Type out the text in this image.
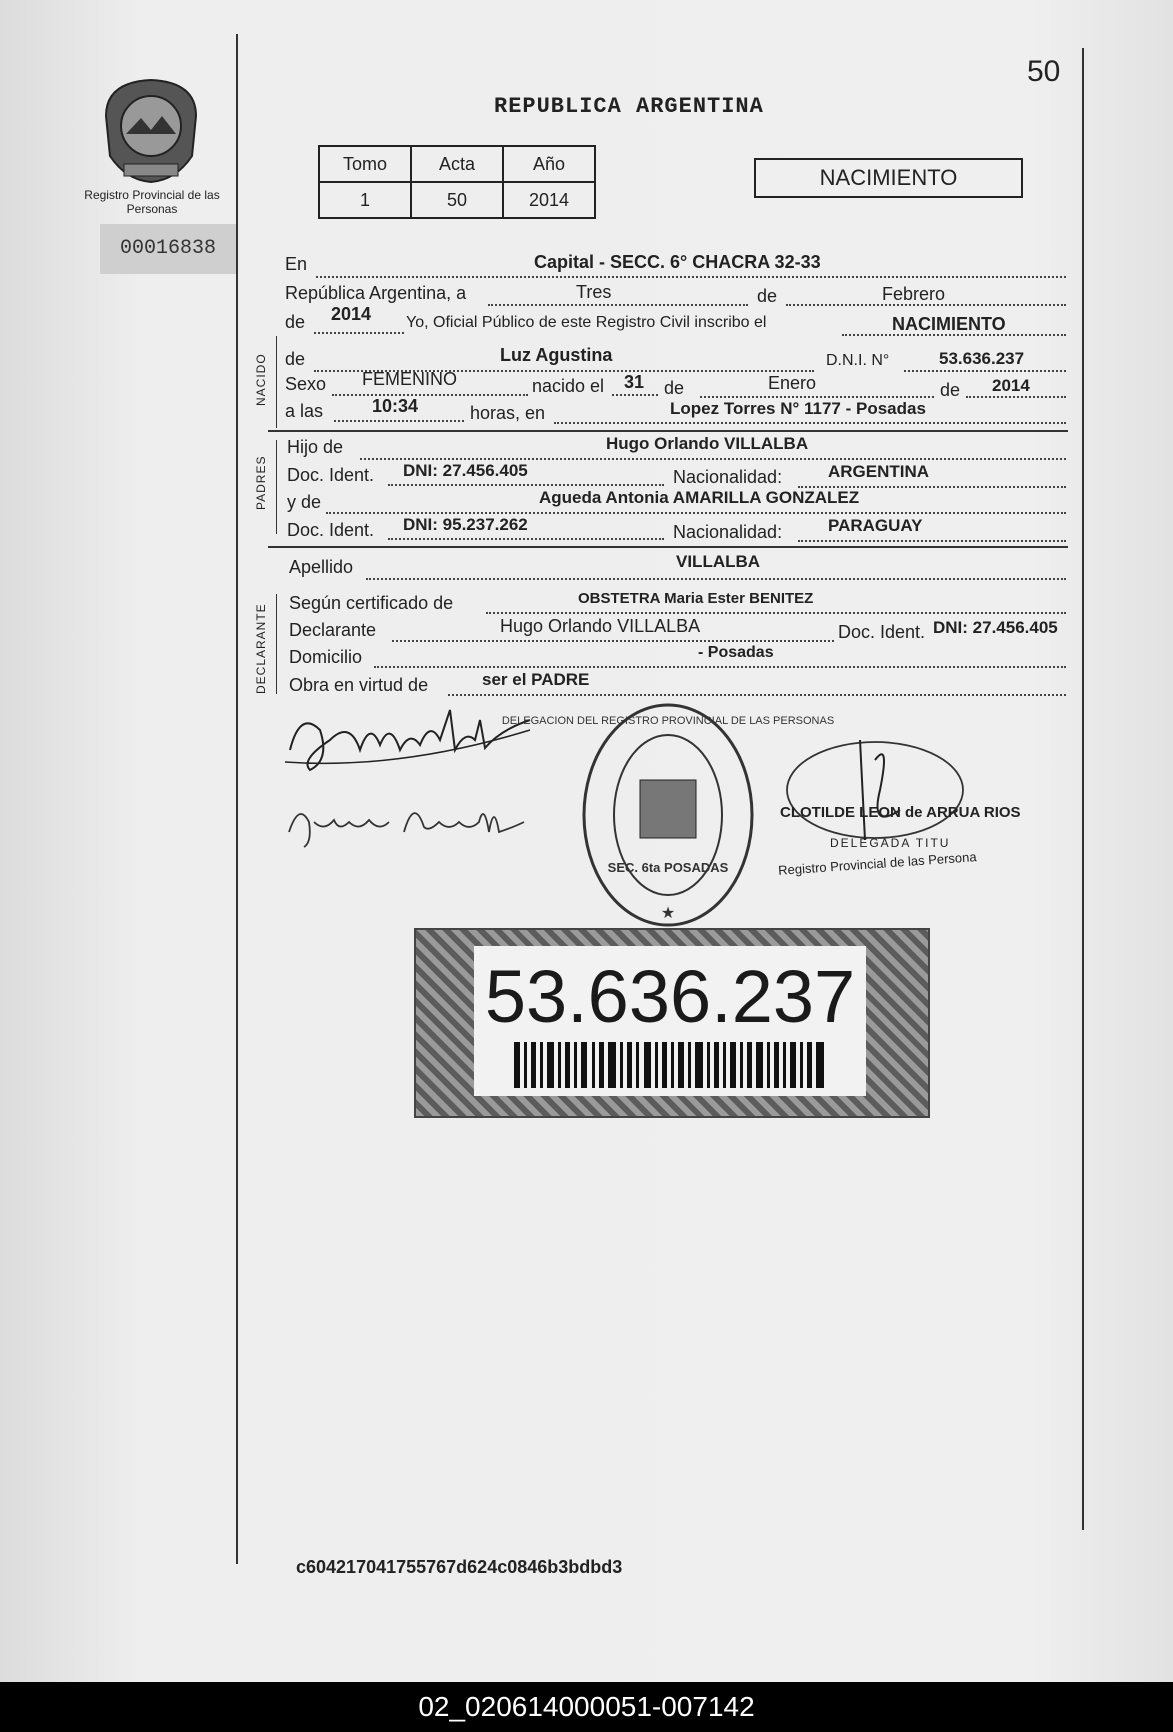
50
REPUBLICA ARGENTINA
Registro Provincial de las Personas
00016838
Tomo	Acta	Año
1	50	2014
NACIMIENTO
En	Capital - SECC. 6° CHACRA 32-33
República Argentina, a	Tres	de	Febrero
de 2014 Yo, Oficial Público de este Registro Civil inscribo el	NACIMIENTO
NACIDO de	Luz Agustina	D.N.I. N°	53.636.237
Sexo FEMENINO	nacido el 31 de	Enero	de 2014
a las	10:34	horas, en	Lopez Torres N° 1177 - Posadas
PADRES
Hijo de	Hugo Orlando VILLALBA
Doc. Ident. DNI: 27.456.405	Nacionalidad:	ARGENTINA
y de	Agueda Antonia AMARILLA GONZALEZ
Doc. Ident. DNI: 95.237.262	Nacionalidad:	PARAGUAY
Apellido	VILLALBA
DECLARANTE
Según certificado de	OBSTETRA Maria Ester BENITEZ
Declarante	Hugo Orlando VILLALBA	Doc. Ident. DNI: 27.456.405
Domicilio	- Posadas
Obra en virtud de	ser el PADRE
DELEGACION DEL REGISTRO PROVINCIAL DE LAS PERSONAS
SEC. 6ta POSADAS
★
CLOTILDE LEON de ARRUA RIOS
DELEGADA TITU
Registro Provincial de las Persona
53.636.237
c604217041755767d624c0846b3bdbd3
02_020614000051-007142
